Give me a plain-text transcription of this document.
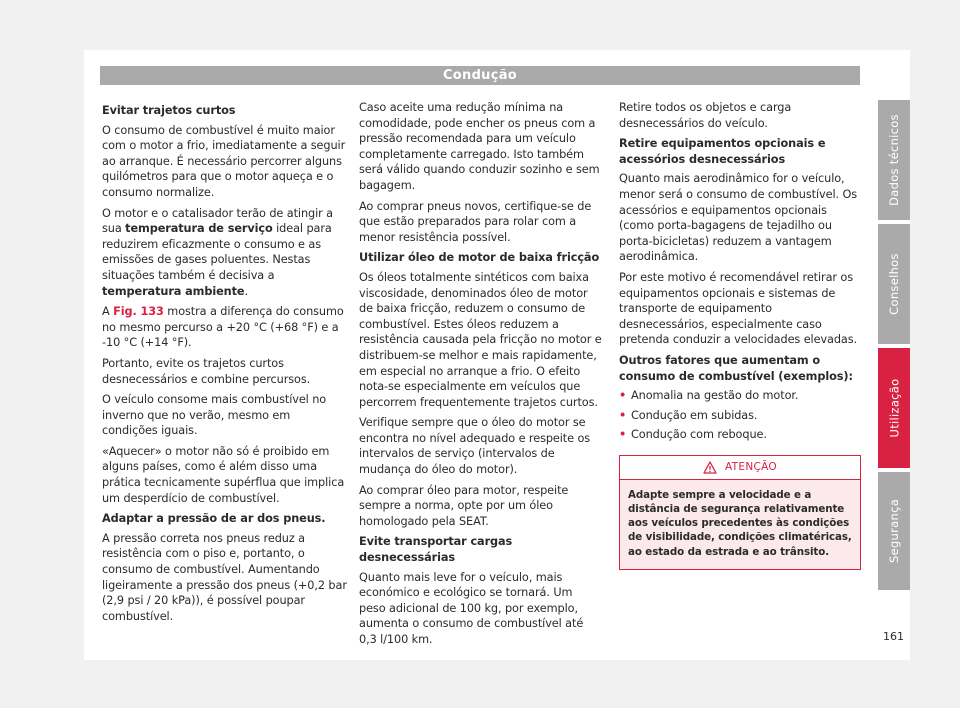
Condução
Evitar trajetos curtos

O consumo de combustível é muito maior com o motor a frio, imediatamente a seguir ao arranque. É necessário percorrer alguns quilómetros para que o motor aqueça e o consumo normalize.

O motor e o catalisador terão de atingir a sua temperatura de serviço ideal para reduzirem eficazmente o consumo e as emissões de gases poluentes. Nestas situações também é decisiva a temperatura ambiente.

A Fig. 133 mostra a diferença do consumo no mesmo percurso a +20 °C (+68 °F) e a -10 °C (+14 °F).

Portanto, evite os trajetos curtos desnecessários e combine percursos.

O veículo consome mais combustível no inverno que no verão, mesmo em condições iguais.

«Aquecer» o motor não só é proibido em alguns países, como é além disso uma prática tecnicamente supérflua que implica um desperdício de combustível.

Adaptar a pressão de ar dos pneus.

A pressão correta nos pneus reduz a resistência com o piso e, portanto, o consumo de combustível. Aumentando ligeiramente a pressão dos pneus (+0,2 bar (2,9 psi / 20 kPa)), é possível poupar combustível.

Caso aceite uma redução mínima na comodidade, pode encher os pneus com a pressão recomendada para um veículo completamente carregado. Isto também será válido quando conduzir sozinho e sem bagagem.

Ao comprar pneus novos, certifique-se de que estão preparados para rolar com a menor resistência possível.

Utilizar óleo de motor de baixa fricção

Os óleos totalmente sintéticos com baixa viscosidade, denominados óleo de motor de baixa fricção, reduzem o consumo de combustível. Estes óleos reduzem a resistência causada pela fricção no motor e distribuem-se melhor e mais rapidamente, em especial no arranque a frio. O efeito nota-se especialmente em veículos que percorrem frequentemente trajetos curtos.

Verifique sempre que o óleo do motor se encontra no nível adequado e respeite os intervalos de serviço (intervalos de mudança do óleo do motor).

Ao comprar óleo para motor, respeite sempre a norma, opte por um óleo homologado pela SEAT.

Evite transportar cargas desnecessárias

Quanto mais leve for o veículo, mais económico e ecológico se tornará. Um peso adicional de 100 kg, por exemplo, aumenta o consumo de combustível até 0,3 l/100 km.

Retire todos os objetos e carga desnecessários do veículo.

Retire equipamentos opcionais e acessórios desnecessários

Quanto mais aerodinâmico for o veículo, menor será o consumo de combustível. Os acessórios e equipamentos opcionais (como porta-bagagens de tejadilho ou porta-bicicletas) reduzem a vantagem aerodinâmica.

Por este motivo é recomendável retirar os equipamentos opcionais e sistemas de transporte de equipamento desnecessários, especialmente caso pretenda conduzir a velocidades elevadas.

Outros fatores que aumentam o consumo de combustível (exemplos):
• Anomalia na gestão do motor.
• Condução em subidas.
• Condução com reboque.
ATENÇÃO
Adapte sempre a velocidade e a distância de segurança relativamente aos veículos precedentes às condições de visibilidade, condições climatéricas, ao estado da estrada e ao trânsito.
Dados técnicos
Conselhos
Utilização
Segurança
161
